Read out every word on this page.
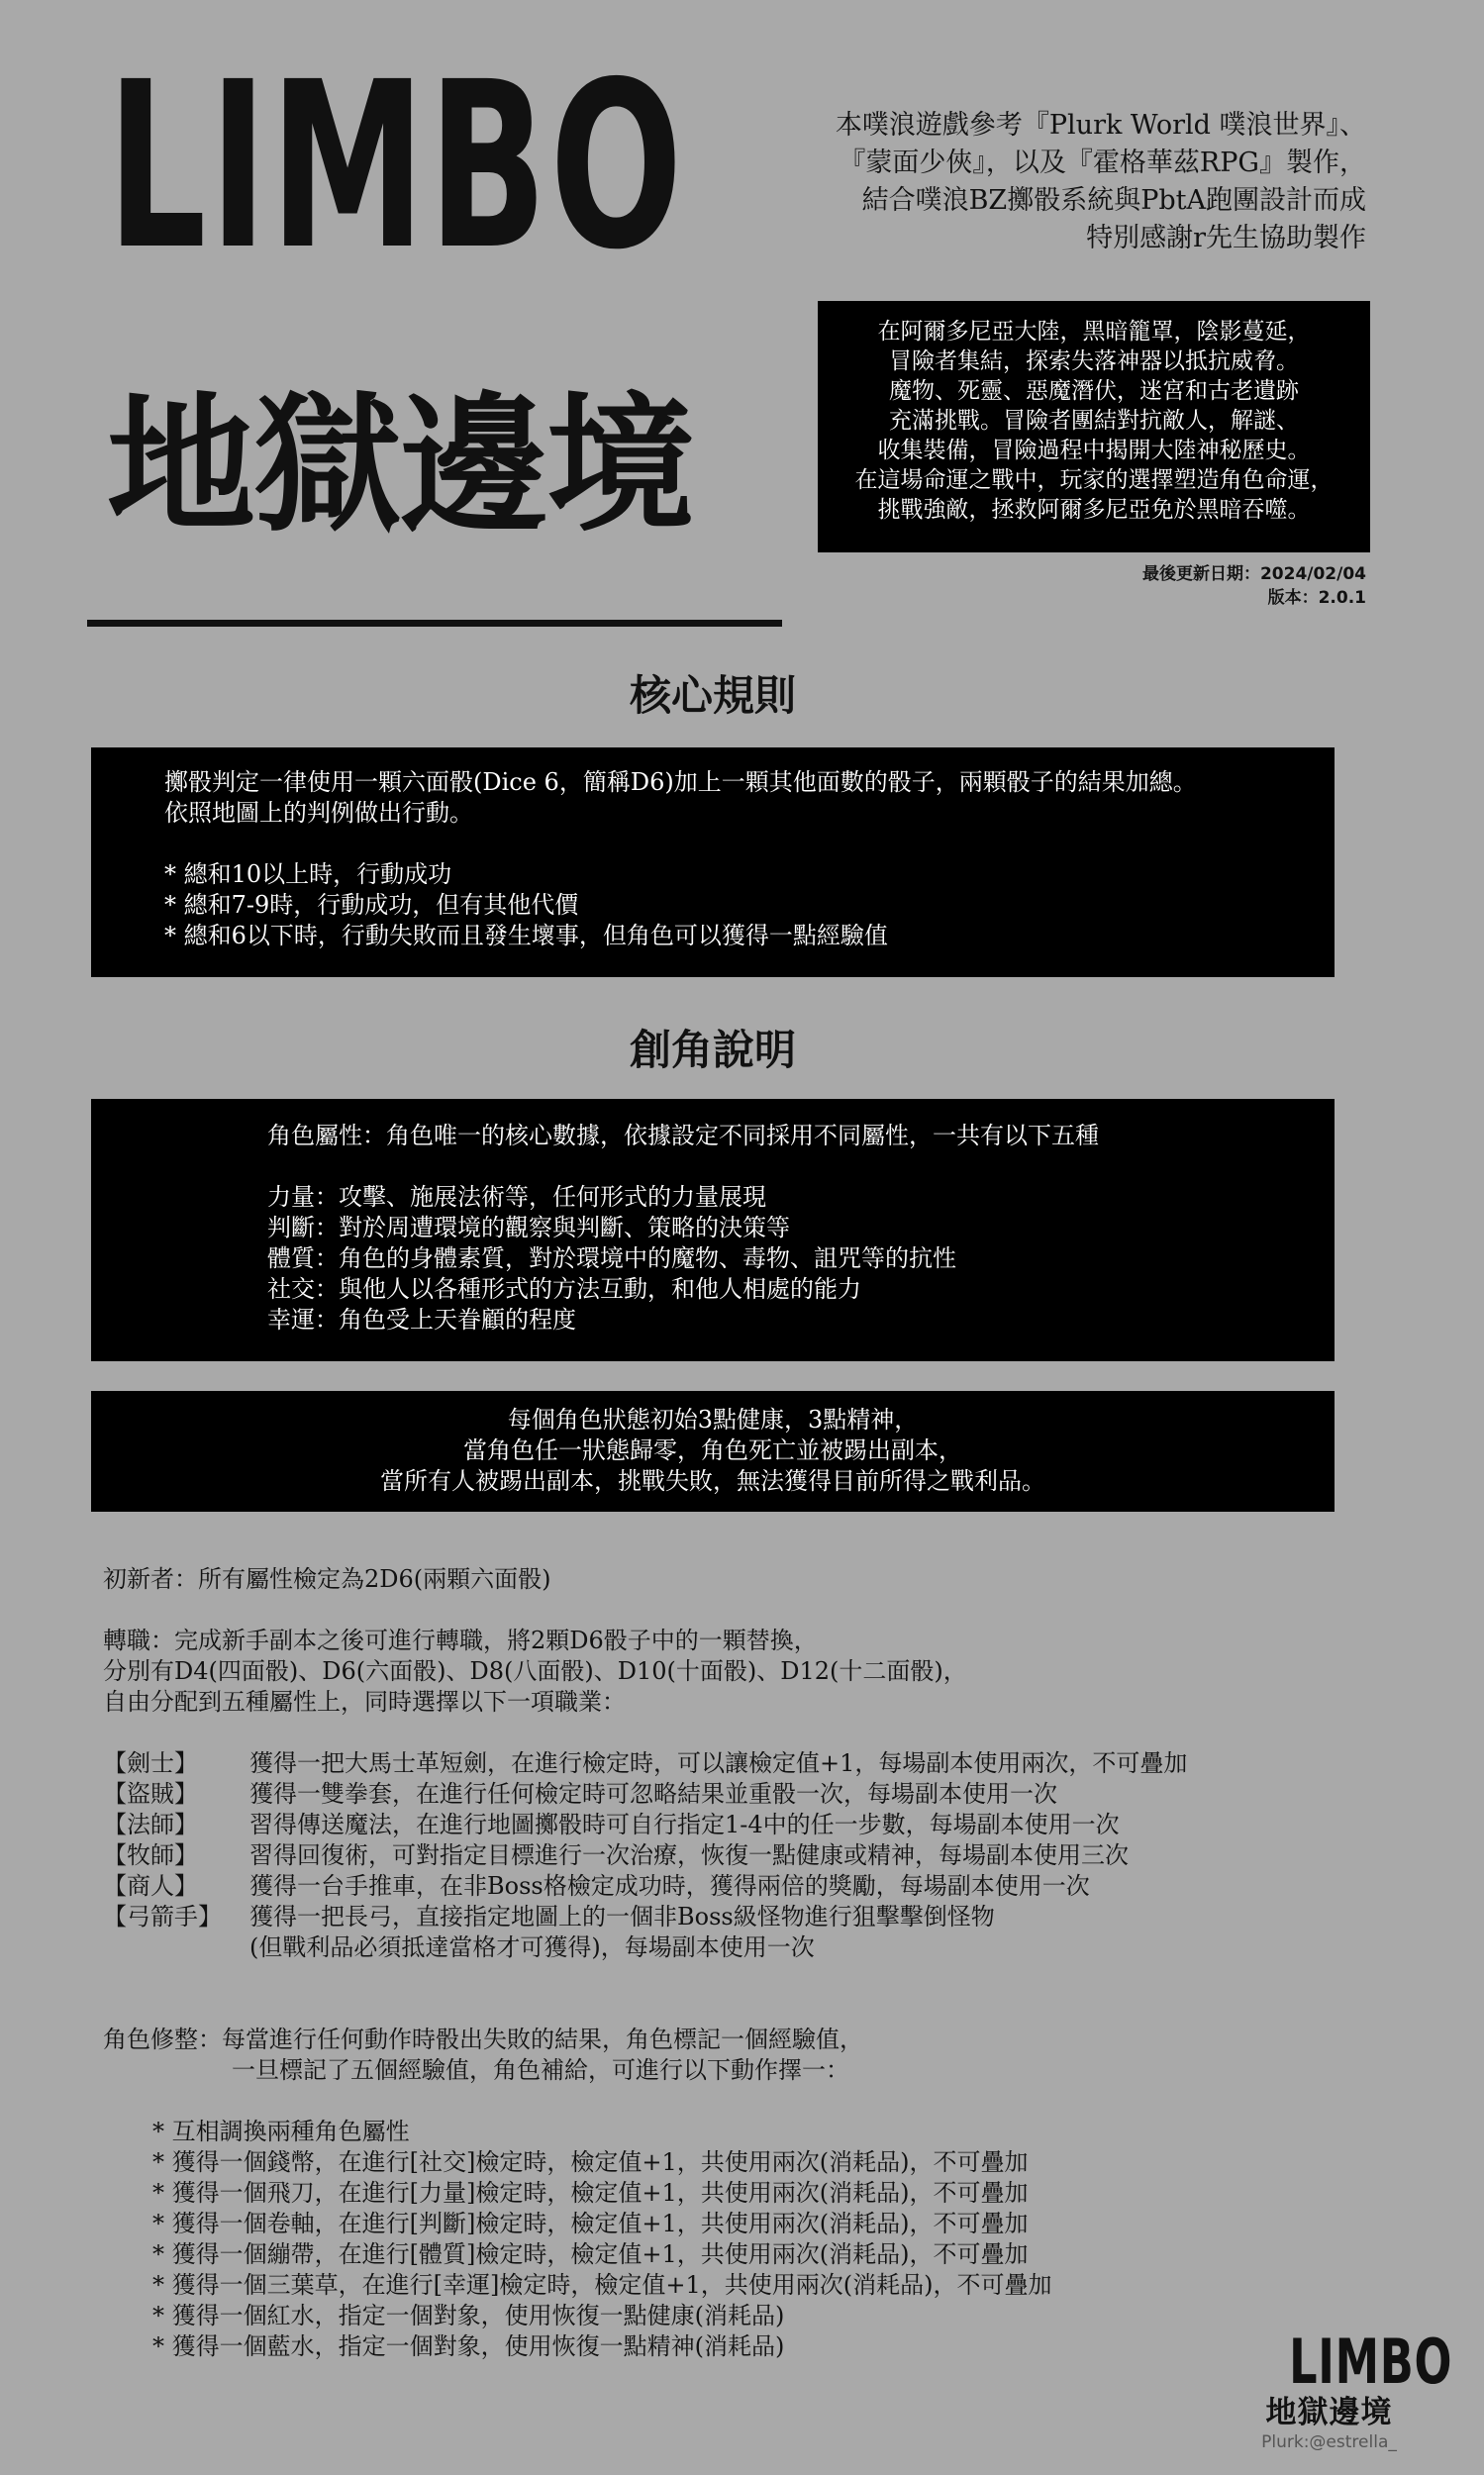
LIMBO
地獄邊境
本噗浪遊戲參考『Plurk World 噗浪世界』、
『蒙面少俠』，以及『霍格華茲RPG』製作，
結合噗浪BZ擲骰系統與PbtA跑團設計而成
特別感謝r先生協助製作
在阿爾多尼亞大陸，黑暗籠罩，陰影蔓延，
冒險者集結，探索失落神器以抵抗威脅。
魔物、死靈、惡魔潛伏，迷宮和古老遺跡
充滿挑戰。冒險者團結對抗敵人，解謎、
收集裝備，冒險過程中揭開大陸神秘歷史。
在這場命運之戰中，玩家的選擇塑造角色命運，
挑戰強敵，拯救阿爾多尼亞免於黑暗吞噬。
最後更新日期：2024/02/04
版本：2.0.1
核心規則
擲骰判定一律使用一顆六面骰(Dice 6，簡稱D6)加上一顆其他面數的骰子，兩顆骰子的結果加總。
依照地圖上的判例做出行動。
* 總和10以上時，行動成功
* 總和7-9時，行動成功，但有其他代價
* 總和6以下時，行動失敗而且發生壞事，但角色可以獲得一點經驗值
創角說明
角色屬性：角色唯一的核心數據，依據設定不同採用不同屬性，一共有以下五種
力量：攻擊、施展法術等，任何形式的力量展現
判斷：對於周遭環境的觀察與判斷、策略的決策等
體質：角色的身體素質，對於環境中的魔物、毒物、詛咒等的抗性
社交：與他人以各種形式的方法互動，和他人相處的能力
幸運：角色受上天眷顧的程度
每個角色狀態初始3點健康，3點精神，
當角色任一狀態歸零，角色死亡並被踢出副本，
當所有人被踢出副本，挑戰失敗，無法獲得目前所得之戰利品。
初新者：所有屬性檢定為2D6(兩顆六面骰)
轉職：完成新手副本之後可進行轉職，將2顆D6骰子中的一顆替換，
分別有D4(四面骰)、D6(六面骰)、D8(八面骰)、D10(十面骰)、D12(十二面骰)，
自由分配到五種屬性上，同時選擇以下一項職業：
【劍士】	獲得一把大馬士革短劍，在進行檢定時，可以讓檢定值+1，每場副本使用兩次，不可疊加
【盜賊】	獲得一雙拳套，在進行任何檢定時可忽略結果並重骰一次，每場副本使用一次
【法師】	習得傳送魔法，在進行地圖擲骰時可自行指定1-4中的任一步數，每場副本使用一次
【牧師】	習得回復術，可對指定目標進行一次治療，恢復一點健康或精神，每場副本使用三次
【商人】	獲得一台手推車，在非Boss格檢定成功時，獲得兩倍的獎勵，每場副本使用一次
【弓箭手】	獲得一把長弓，直接指定地圖上的一個非Boss級怪物進行狙擊擊倒怪物
(但戰利品必須抵達當格才可獲得)，每場副本使用一次
角色修整：每當進行任何動作時骰出失敗的結果，角色標記一個經驗值，
一旦標記了五個經驗值，角色補給，可進行以下動作擇一：
* 互相調換兩種角色屬性
* 獲得一個錢幣，在進行[社交]檢定時，檢定值+1，共使用兩次(消耗品)，不可疊加
* 獲得一個飛刀，在進行[力量]檢定時，檢定值+1，共使用兩次(消耗品)，不可疊加
* 獲得一個卷軸，在進行[判斷]檢定時，檢定值+1，共使用兩次(消耗品)，不可疊加
* 獲得一個繃帶，在進行[體質]檢定時，檢定值+1，共使用兩次(消耗品)，不可疊加
* 獲得一個三葉草，在進行[幸運]檢定時，檢定值+1，共使用兩次(消耗品)，不可疊加
* 獲得一個紅水，指定一個對象，使用恢復一點健康(消耗品)
* 獲得一個藍水，指定一個對象，使用恢復一點精神(消耗品)	LIMBO
地獄邊境
Plurk:@estrella_
